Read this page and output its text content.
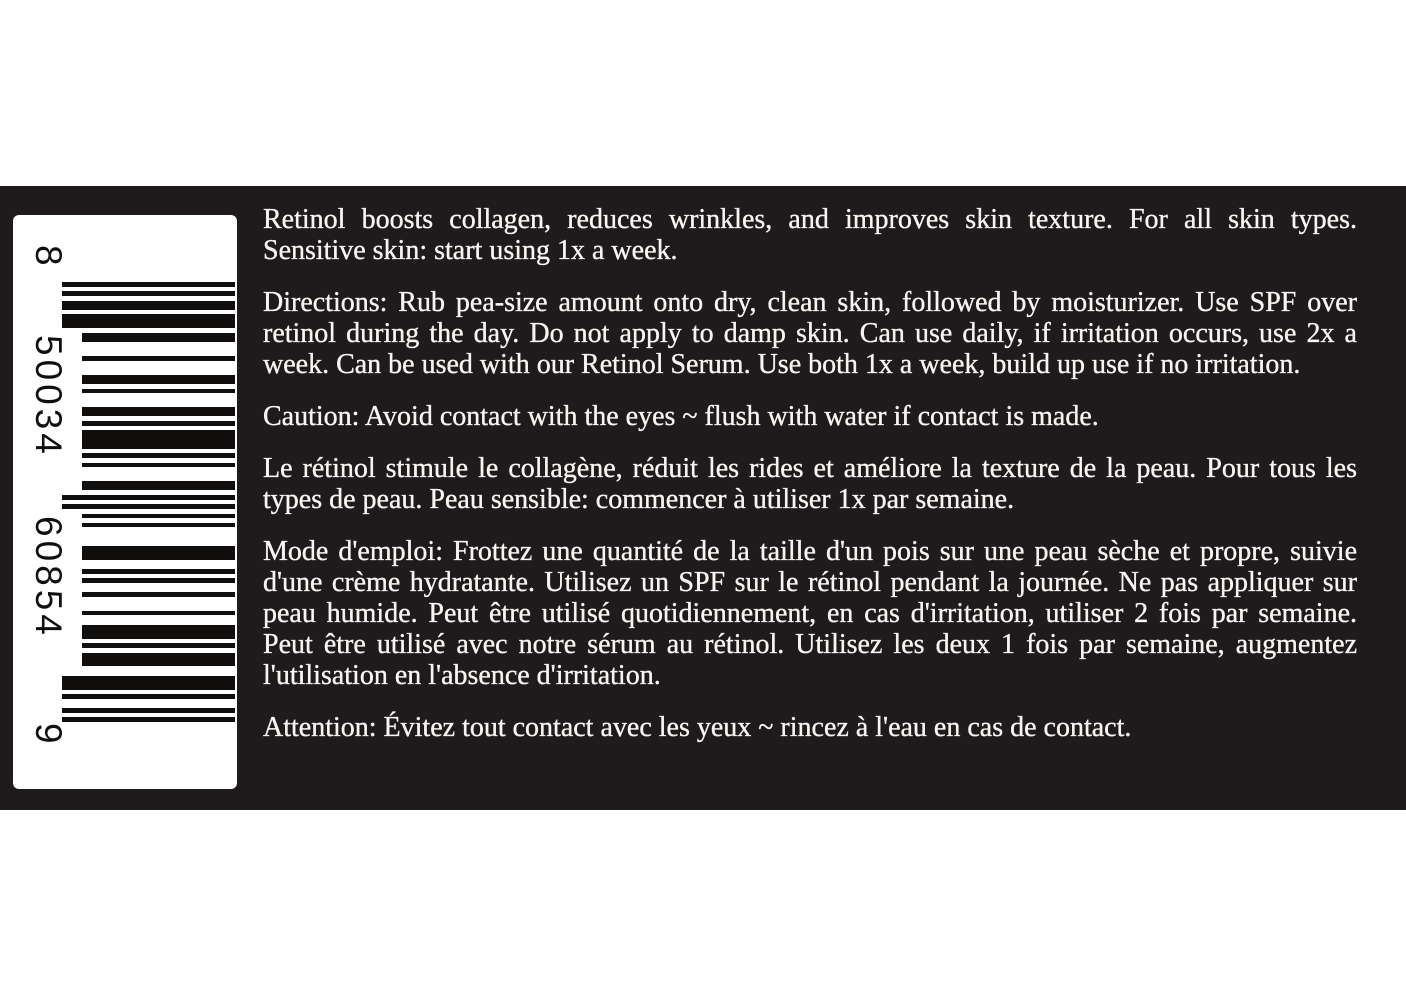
8
50034
60854
9

Retinol boosts collagen, reduces wrinkles, and improves skin texture. For all skin types. Sensitive skin: start using 1x a week.

Directions: Rub pea-size amount onto dry, clean skin, followed by moisturizer. Use SPF over retinol during the day. Do not apply to damp skin. Can use daily, if irritation occurs, use 2x a week. Can be used with our Retinol Serum. Use both 1x a week, build up use if no irritation.

Caution: Avoid contact with the eyes ~ flush with water if contact is made.

Le rétinol stimule le collagène, réduit les rides et améliore la texture de la peau. Pour tous les types de peau. Peau sensible: commencer à utiliser 1x par semaine.

Mode d'emploi: Frottez une quantité de la taille d'un pois sur une peau sèche et propre, suivie d'une crème hydratante. Utilisez un SPF sur le rétinol pendant la journée. Ne pas appliquer sur peau humide. Peut être utilisé quotidiennement, en cas d'irritation, utiliser 2 fois par semaine. Peut être utilisé avec notre sérum au rétinol. Utilisez les deux 1 fois par semaine, augmentez l'utilisation en l'absence d'irritation.

Attention: Évitez tout contact avec les yeux ~ rincez à l'eau en cas de contact.
